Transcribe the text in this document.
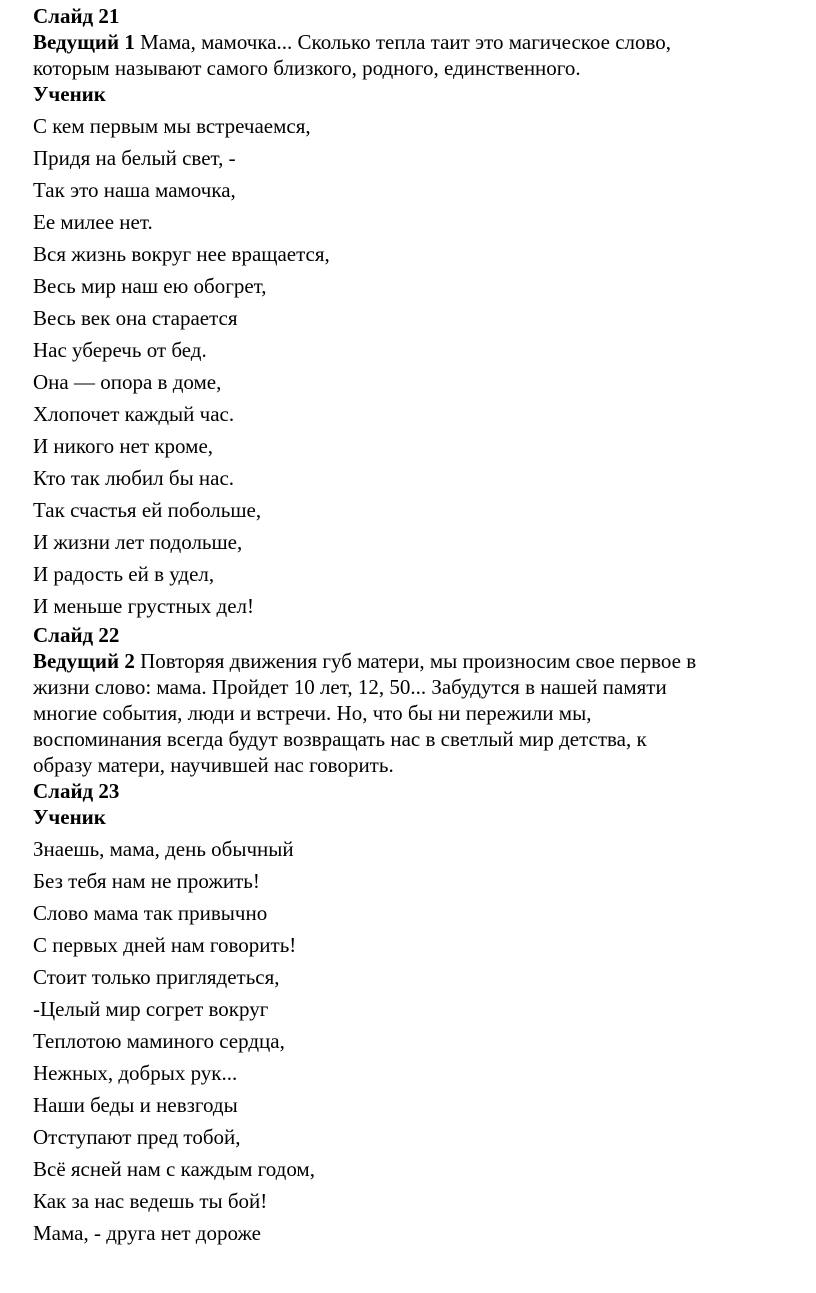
Слайд 21
Ведущий 1 Мама, мамочка... Сколько тепла таит это магическое слово,
которым называют самого близкого, родного, единственного.
Ученик
С кем первым мы встречаемся,
Придя на белый свет, -
Так это наша мамочка,
Ее милее нет.
Вся жизнь вокруг нее вращается,
Весь мир наш ею обогрет,
Весь век она старается
Нас уберечь от бед.
Она — опора в доме,
Хлопочет каждый час.
И никого нет кроме,
Кто так любил бы нас.
Так счастья ей побольше,
И жизни лет подольше,
И радость ей в удел,
И меньше грустных дел!
Слайд 22
Ведущий 2 Повторяя движения губ матери, мы произносим свое первое в
жизни слово: мама. Пройдет 10 лет, 12, 50... Забудутся в нашей памяти
многие события, люди и встречи. Но, что бы ни пережили мы,
воспоминания всегда будут возвращать нас в светлый мир детства, к
образу матери, научившей нас говорить.
Слайд 23
Ученик
Знаешь, мама, день обычный
Без тебя нам не прожить!
Слово мама так привычно
С первых дней нам говорить!
Стоит только приглядеться,
-Целый мир согрет вокруг
Теплотою маминого сердца,
Нежных, добрых рук...
Наши беды и невзгоды
Отступают пред тобой,
Всё ясней нам с каждым годом,
Как за нас ведешь ты бой!
Мама, - друга нет дороже
